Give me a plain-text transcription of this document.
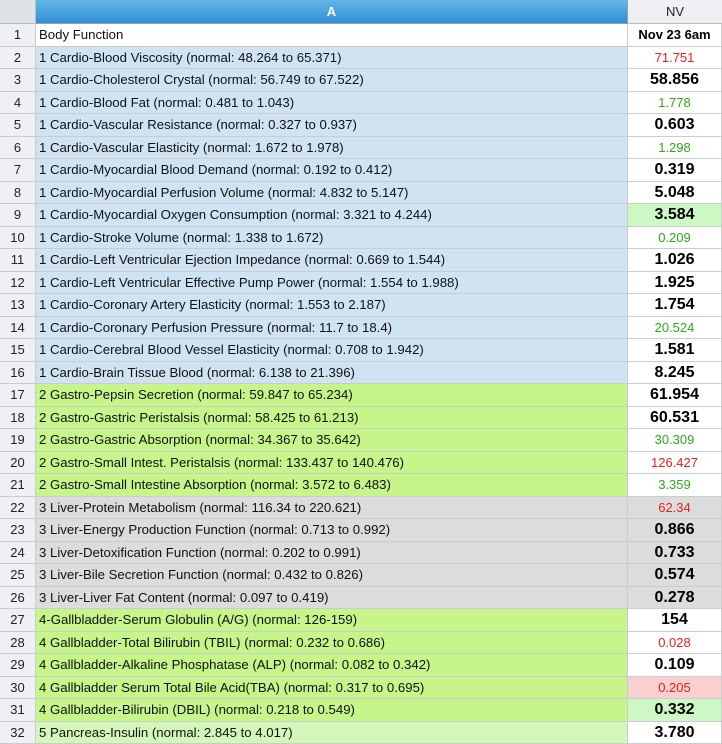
A	NV
1	Body Function	Nov 23 6am
2	1 Cardio-Blood Viscosity (normal: 48.264 to 65.371)	71.751
3	1 Cardio-Cholesterol Crystal (normal: 56.749 to 67.522)	58.856
4	1 Cardio-Blood Fat (normal: 0.481 to 1.043)	1.778
5	1 Cardio-Vascular Resistance (normal: 0.327 to 0.937)	0.603
6	1 Cardio-Vascular Elasticity (normal: 1.672 to 1.978)	1.298
7	1 Cardio-Myocardial Blood Demand (normal: 0.192 to 0.412)	0.319
8	1 Cardio-Myocardial Perfusion Volume (normal: 4.832 to 5.147)	5.048
9	1 Cardio-Myocardial Oxygen Consumption (normal: 3.321 to 4.244)	3.584
10	1 Cardio-Stroke Volume (normal: 1.338 to 1.672)	0.209
11	1 Cardio-Left Ventricular Ejection Impedance (normal: 0.669 to 1.544)	1.026
12	1 Cardio-Left Ventricular Effective Pump Power (normal: 1.554 to 1.988)	1.925
13	1 Cardio-Coronary Artery Elasticity (normal: 1.553 to 2.187)	1.754
14	1 Cardio-Coronary Perfusion Pressure (normal: 11.7 to 18.4)	20.524
15	1 Cardio-Cerebral Blood Vessel Elasticity (normal: 0.708 to 1.942)	1.581
16	1 Cardio-Brain Tissue Blood (normal: 6.138 to 21.396)	8.245
17	2 Gastro-Pepsin Secretion (normal: 59.847 to 65.234)	61.954
18	2 Gastro-Gastric Peristalsis (normal: 58.425 to 61.213)	60.531
19	2 Gastro-Gastric Absorption (normal: 34.367 to 35.642)	30.309
20	2 Gastro-Small Intest. Peristalsis (normal: 133.437 to 140.476)	126.427
21	2 Gastro-Small Intestine Absorption (normal: 3.572 to 6.483)	3.359
22	3 Liver-Protein Metabolism (normal: 116.34 to 220.621)	62.34
23	3 Liver-Energy Production Function (normal: 0.713 to 0.992)	0.866
24	3 Liver-Detoxification Function (normal: 0.202 to 0.991)	0.733
25	3 Liver-Bile Secretion Function (normal: 0.432 to 0.826)	0.574
26	3 Liver-Liver Fat Content (normal: 0.097 to 0.419)	0.278
27	4-Gallbladder-Serum Globulin (A/G) (normal: 126-159)	154
28	4 Gallbladder-Total Bilirubin (TBIL) (normal: 0.232 to 0.686)	0.028
29	4 Gallbladder-Alkaline Phosphatase (ALP) (normal: 0.082 to 0.342)	0.109
30	4 Gallbladder Serum Total Bile Acid(TBA) (normal: 0.317 to 0.695)	0.205
31	4 Gallbladder-Bilirubin (DBIL) (normal: 0.218 to 0.549)	0.332
32	5 Pancreas-Insulin (normal: 2.845 to 4.017)	3.780
